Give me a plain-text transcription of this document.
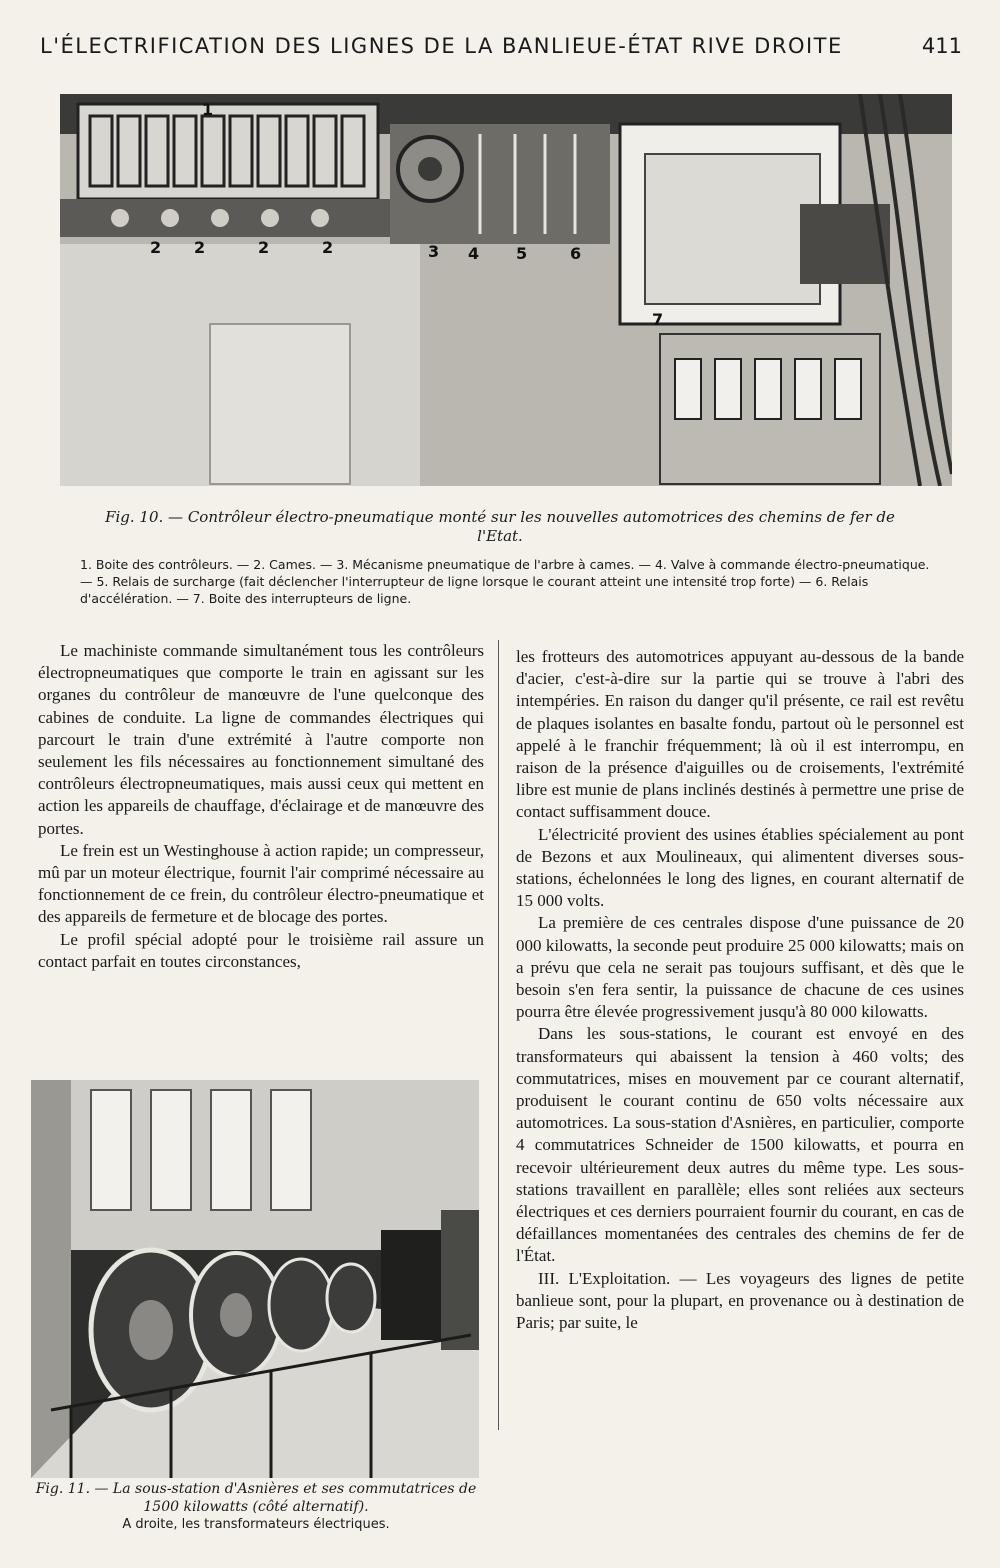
L'ÉLECTRIFICATION DES LIGNES DE LA BANLIEUE-ÉTAT RIVE DROITE	411
1
2 2	2	2	3 4 5	6
7
Fig. 10. — Contrôleur électro-pneumatique monté sur les nouvelles automotrices des chemins de fer de l'Etat.
1. Boite des contrôleurs. — 2. Cames. — 3. Mécanisme pneumatique de l'arbre à cames. — 4. Valve à commande électro-pneumatique. — 5. Relais de surcharge (fait déclencher l'interrupteur de ligne lorsque le courant atteint une intensité trop forte) — 6. Relais d'accélération. — 7. Boite des interrupteurs de ligne.

Le machiniste commande simultanément tous les contrôleurs électropneumatiques que comporte le train en agissant sur les organes du contrôleur de manœuvre de l'une quelconque des cabines de conduite. La ligne de commandes électriques qui parcourt le train d'une extrémité à l'autre comporte non seulement les fils nécessaires au fonctionnement simultané des contrôleurs électropneumatiques, mais aussi ceux qui mettent en action les appareils de chauffage, d'éclairage et de manœuvre des portes.

Le frein est un Westinghouse à action rapide; un compresseur, mû par un moteur électrique, fournit l'air comprimé nécessaire au fonctionnement de ce frein, du contrôleur électro-pneumatique et des appareils de fermeture et de blocage des portes.

Le profil spécial adopté pour le troisième rail assure un contact parfait en toutes circonstances,

les frotteurs des automotrices appuyant au-dessous de la bande d'acier, c'est-à-dire sur la partie qui se trouve à l'abri des intempéries. En raison du danger qu'il présente, ce rail est revêtu de plaques isolantes en basalte fondu, partout où le personnel est appelé à le franchir fréquemment; là où il est interrompu, en raison de la présence d'aiguilles ou de croisements, l'extrémité libre est munie de plans inclinés destinés à permettre une prise de contact suffisamment douce.

L'électricité provient des usines établies spécialement au pont de Bezons et aux Moulineaux, qui alimentent diverses sous-stations, échelonnées le long des lignes, en courant alternatif de 15 000 volts.

La première de ces centrales dispose d'une puissance de 20 000 kilowatts, la seconde peut produire 25 000 kilowatts; mais on a prévu que cela ne serait pas toujours suffisant, et dès que le besoin s'en fera sentir, la puissance de chacune de ces usines pourra être élevée progressivement jusqu'à 80 000 kilowatts.

Dans les sous-stations, le courant est envoyé en des transformateurs qui abaissent la tension à 460 volts; des commutatrices, mises en mouvement par ce courant alternatif, produisent le courant continu de 650 volts nécessaire aux automotrices. La sous-station d'Asnières, en particulier, comporte 4 commutatrices Schneider de 1500 kilowatts, et pourra en recevoir ultérieurement deux autres du même type. Les sous-stations travaillent en parallèle; elles sont reliées aux secteurs électriques et ces derniers pourraient fournir du courant, en cas de défaillances momentanées des centrales des chemins de fer de l'État.

III. L'Exploitation. — Les voyageurs des lignes de petite banlieue sont, pour la plupart, en provenance ou à destination de Paris; par suite, le

Fig. 11. — La sous-station d'Asnières et ses commutatrices de 1500 kilowatts (côté alternatif).
A droite, les transformateurs électriques.
